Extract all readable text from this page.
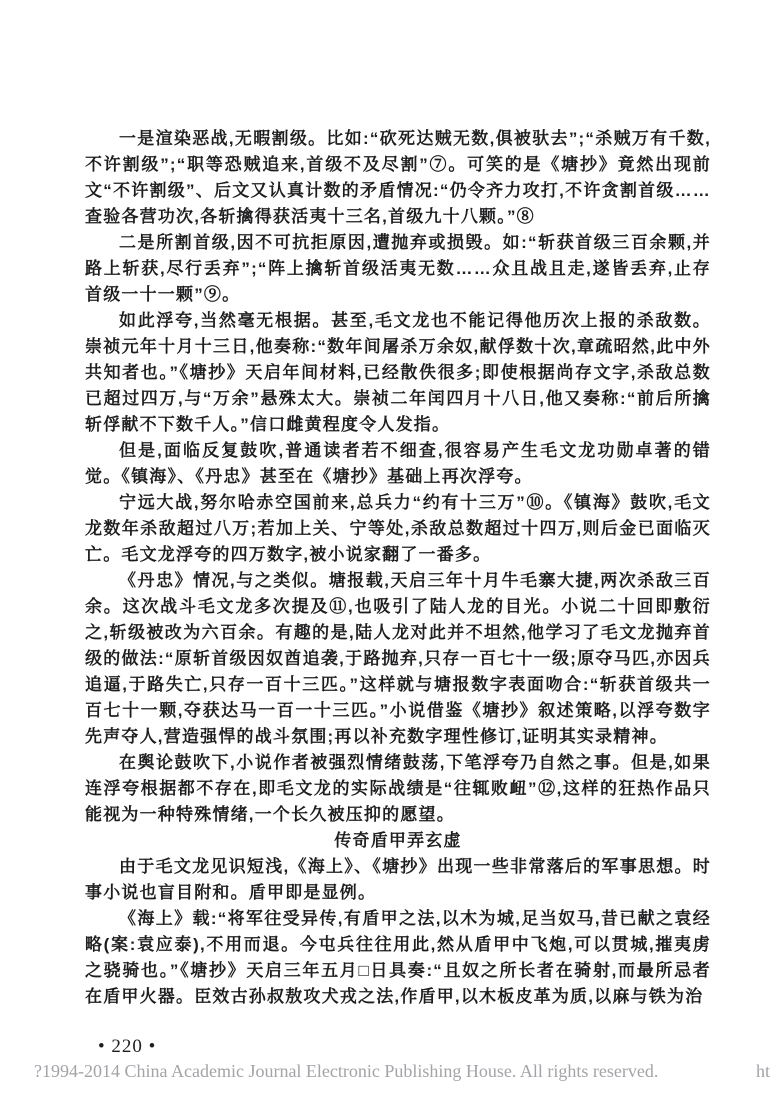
一是渲染恶战,无暇割级。比如:“砍死达贼无数,俱被驮去”;“杀贼万有千数,不许割级”;“职等恐贼追来,首级不及尽割”⑦。可笑的是《塘抄》竟然出现前文“不许割级”、后文又认真计数的矛盾情况:“仍令齐力攻打,不许贪割首级……查验各营功次,各斩擒得获活夷十三名,首级九十八颗。”⑧

二是所割首级,因不可抗拒原因,遭抛弃或损毁。如:“斩获首级三百余颗,并路上斩获,尽行丢弃”;“阵上擒斩首级活夷无数……众且战且走,遂皆丢弃,止存首级一十一颗”⑨。

如此浮夸,当然毫无根据。甚至,毛文龙也不能记得他历次上报的杀敌数。崇祯元年十月十三日,他奏称:“数年间屠杀万余奴,献俘数十次,章疏昭然,此中外共知者也。”《塘抄》天启年间材料,已经散佚很多;即使根据尚存文字,杀敌总数已超过四万,与“万余”悬殊太大。崇祯二年闰四月十八日,他又奏称:“前后所擒斩俘献不下数千人。”信口雌黄程度令人发指。

但是,面临反复鼓吹,普通读者若不细查,很容易产生毛文龙功勋卓著的错觉。《镇海》、《丹忠》甚至在《塘抄》基础上再次浮夸。

宁远大战,努尔哈赤空国前来,总兵力“约有十三万”⑩。《镇海》鼓吹,毛文龙数年杀敌超过八万;若加上关、宁等处,杀敌总数超过十四万,则后金已面临灭亡。毛文龙浮夸的四万数字,被小说家翻了一番多。

《丹忠》情况,与之类似。塘报载,天启三年十月牛毛寨大捷,两次杀敌三百余。这次战斗毛文龙多次提及⑪,也吸引了陆人龙的目光。小说二十回即敷衍之,斩级被改为六百余。有趣的是,陆人龙对此并不坦然,他学习了毛文龙抛弃首级的做法:“原斩首级因奴酋追袭,于路抛弃,只存一百七十一级;原夺马匹,亦因兵追逼,于路失亡,只存一百十三匹。”这样就与塘报数字表面吻合:“斩获首级共一百七十一颗,夺获达马一百一十三匹。”小说借鉴《塘抄》叙述策略,以浮夸数字先声夺人,营造强悍的战斗氛围;再以补充数字理性修订,证明其实录精神。

在舆论鼓吹下,小说作者被强烈情绪鼓荡,下笔浮夸乃自然之事。但是,如果连浮夸根据都不存在,即毛文龙的实际战绩是“往辄败衄”⑫,这样的狂热作品只能视为一种特殊情绪,一个长久被压抑的愿望。

传奇盾甲弄玄虚

由于毛文龙见识短浅,《海上》、《塘抄》出现一些非常落后的军事思想。时事小说也盲目附和。盾甲即是显例。

《海上》载:“将军往受异传,有盾甲之法,以木为城,足当奴马,昔已献之袁经略(案:袁应泰),不用而退。今屯兵往往用此,然从盾甲中飞炮,可以贯城,摧夷虏之骁骑也。”《塘抄》天启三年五月□日具奏:“且奴之所长者在骑射,而最所忌者在盾甲火器。臣效古孙叔敖攻犬戎之法,作盾甲,以木板皮革为质,以麻与铁为治

• 220 •
?1994-2014 China Academic Journal Electronic Publishing House. All rights reserved.	ht
